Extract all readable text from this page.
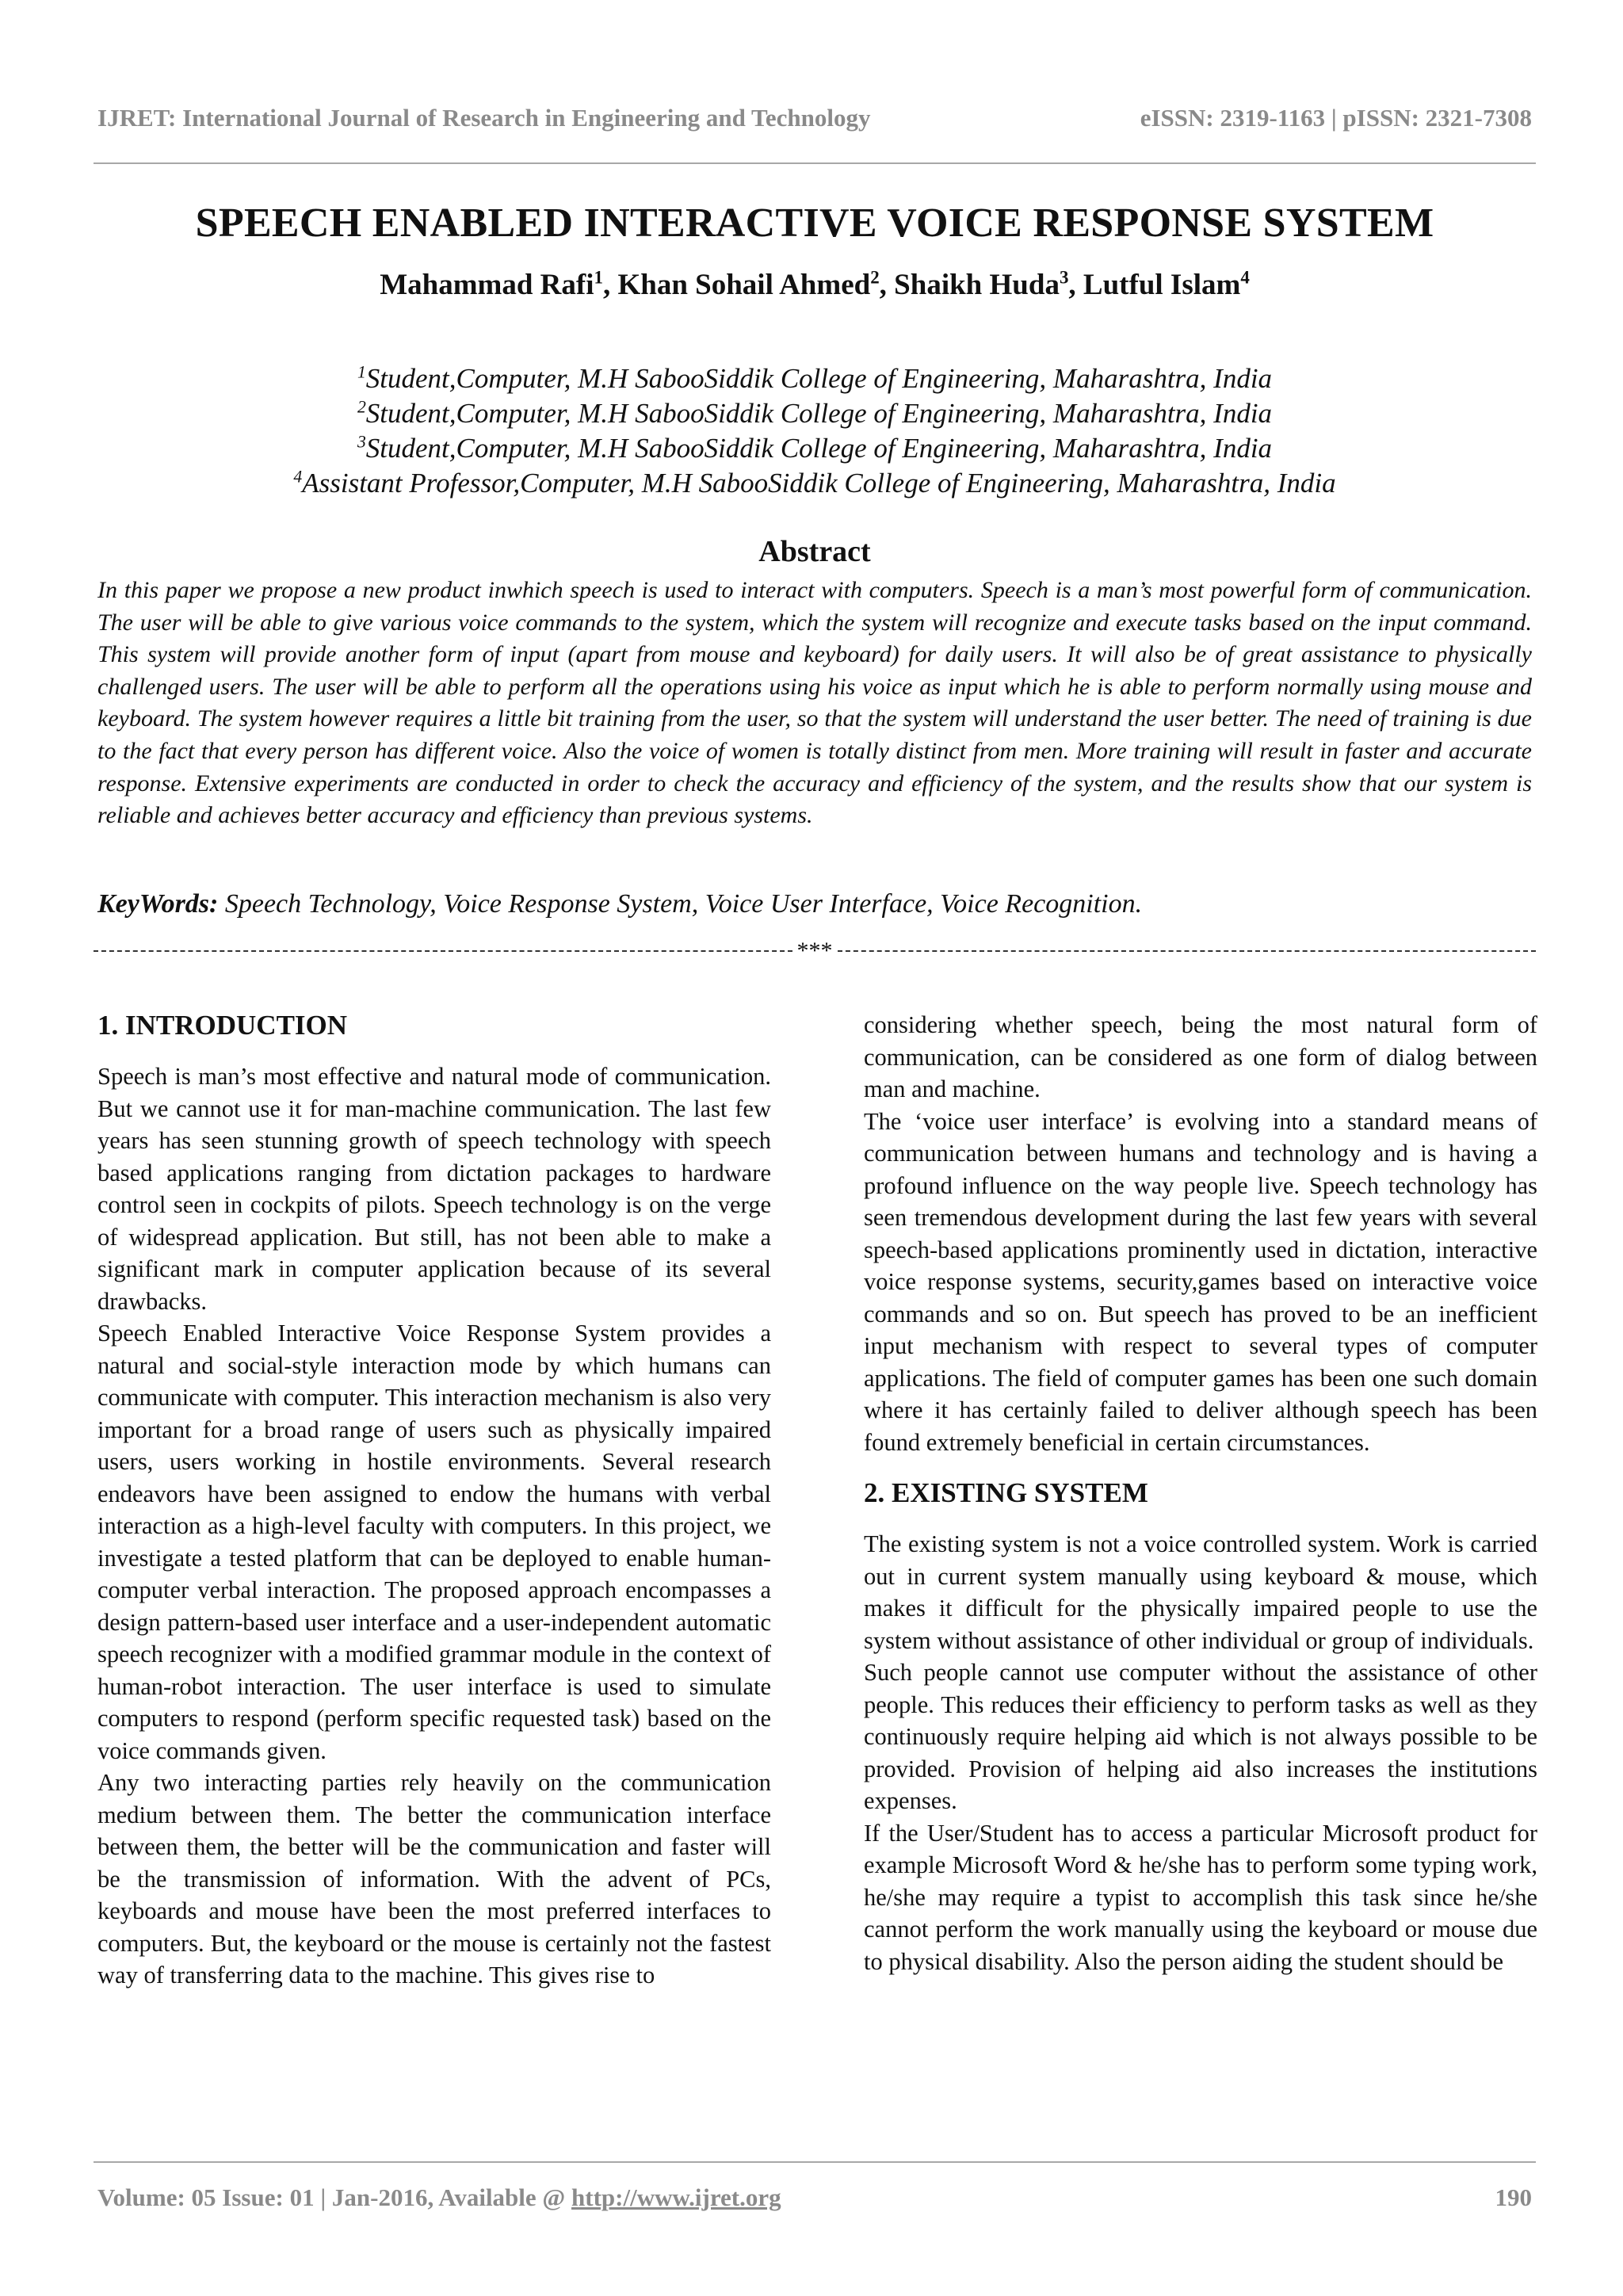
IJRET: International Journal of Research in Engineering and Technology	eISSN: 2319-1163 | pISSN: 2321-7308
SPEECH ENABLED INTERACTIVE VOICE RESPONSE SYSTEM
Mahammad Rafi$^1$, Khan Sohail Ahmed$^2$, Shaikh Huda$^3$, Lutful Islam$^4$
$^1$Student,Computer, M.H SabooSiddik College of Engineering, Maharashtra, India
$^2$Student,Computer, M.H SabooSiddik College of Engineering, Maharashtra, India
$^3$Student,Computer, M.H SabooSiddik College of Engineering, Maharashtra, India
$^4$Assistant Professor,Computer, M.H SabooSiddik College of Engineering, Maharashtra, India
Abstract

In this paper we propose a new product inwhich speech is used to interact with computers. Speech is a man’s most powerful form of communication. The user will be able to give various voice commands to the system, which the system will recognize and execute tasks based on the input command. This system will provide another form of input (apart from mouse and keyboard) for daily users. It will also be of great assistance to physically challenged users. The user will be able to perform all the operations using his voice as input which he is able to perform normally using mouse and keyboard. The system however requires a little bit training from the user, so that the system will understand the user better. The need of training is due to the fact that every person has different voice. Also the voice of women is totally distinct from men. More training will result in faster and accurate response. Extensive experiments are conducted in order to check the accuracy and efficiency of the system, and the results show that our system is reliable and achieves better accuracy and efficiency than previous systems.

KeyWords: Speech Technology, Voice Response System, Voice User Interface, Voice Recognition.
***
1. INTRODUCTION

Speech is man’s most effective and natural mode of communication. But we cannot use it for man-machine communication. The last few years has seen stunning growth of speech technology with speech based applications ranging from dictation packages to hardware control seen in cockpits of pilots. Speech technology is on the verge of widespread application. But still, has not been able to make a significant mark in computer application because of its several drawbacks.

Speech Enabled Interactive Voice Response System provides a natural and social-style interaction mode by which humans can communicate with computer. This interaction mechanism is also very important for a broad range of users such as physically impaired users, users working in hostile environments. Several research endeavors have been assigned to endow the humans with verbal interaction as a high-level faculty with computers. In this project, we investigate a tested platform that can be deployed to enable human-computer verbal interaction. The proposed approach encompasses a design pattern-based user interface and a user-independent automatic speech recognizer with a modified grammar module in the context of human-robot interaction. The user interface is used to simulate computers to respond (perform specific requested task) based on the voice commands given.

Any two interacting parties rely heavily on the communication medium between them. The better the communication interface between them, the better will be the communication and faster will be the transmission of information. With the advent of PCs, keyboards and mouse have been the most preferred interfaces to computers. But, the keyboard or the mouse is certainly not the fastest way of transferring data to the machine. This gives rise to

considering whether speech, being the most natural form of communication, can be considered as one form of dialog between man and machine.

The ‘voice user interface’ is evolving into a standard means of communication between humans and technology and is having a profound influence on the way people live. Speech technology has seen tremendous development during the last few years with several speech-based applications prominently used in dictation, interactive voice response systems, security,games based on interactive voice commands and so on. But speech has proved to be an inefficient input mechanism with respect to several types of computer applications. The field of computer games has been one such domain where it has certainly failed to deliver although speech has been found extremely beneficial in certain circumstances.

2. EXISTING SYSTEM

The existing system is not a voice controlled system. Work is carried out in current system manually using keyboard & mouse, which makes it difficult for the physically impaired people to use the system without assistance of other individual or group of individuals.

Such people cannot use computer without the assistance of other people. This reduces their efficiency to perform tasks as well as they continuously require helping aid which is not always possible to be provided. Provision of helping aid also increases the institutions expenses.

If the User/Student has to access a particular Microsoft product for example Microsoft Word & he/she has to perform some typing work, he/she may require a typist to accomplish this task since he/she cannot perform the work manually using the keyboard or mouse due to physical disability. Also the person aiding the student should be

Volume: 05 Issue: 01 | Jan-2016, Available @ http://www.ijret.org	190
